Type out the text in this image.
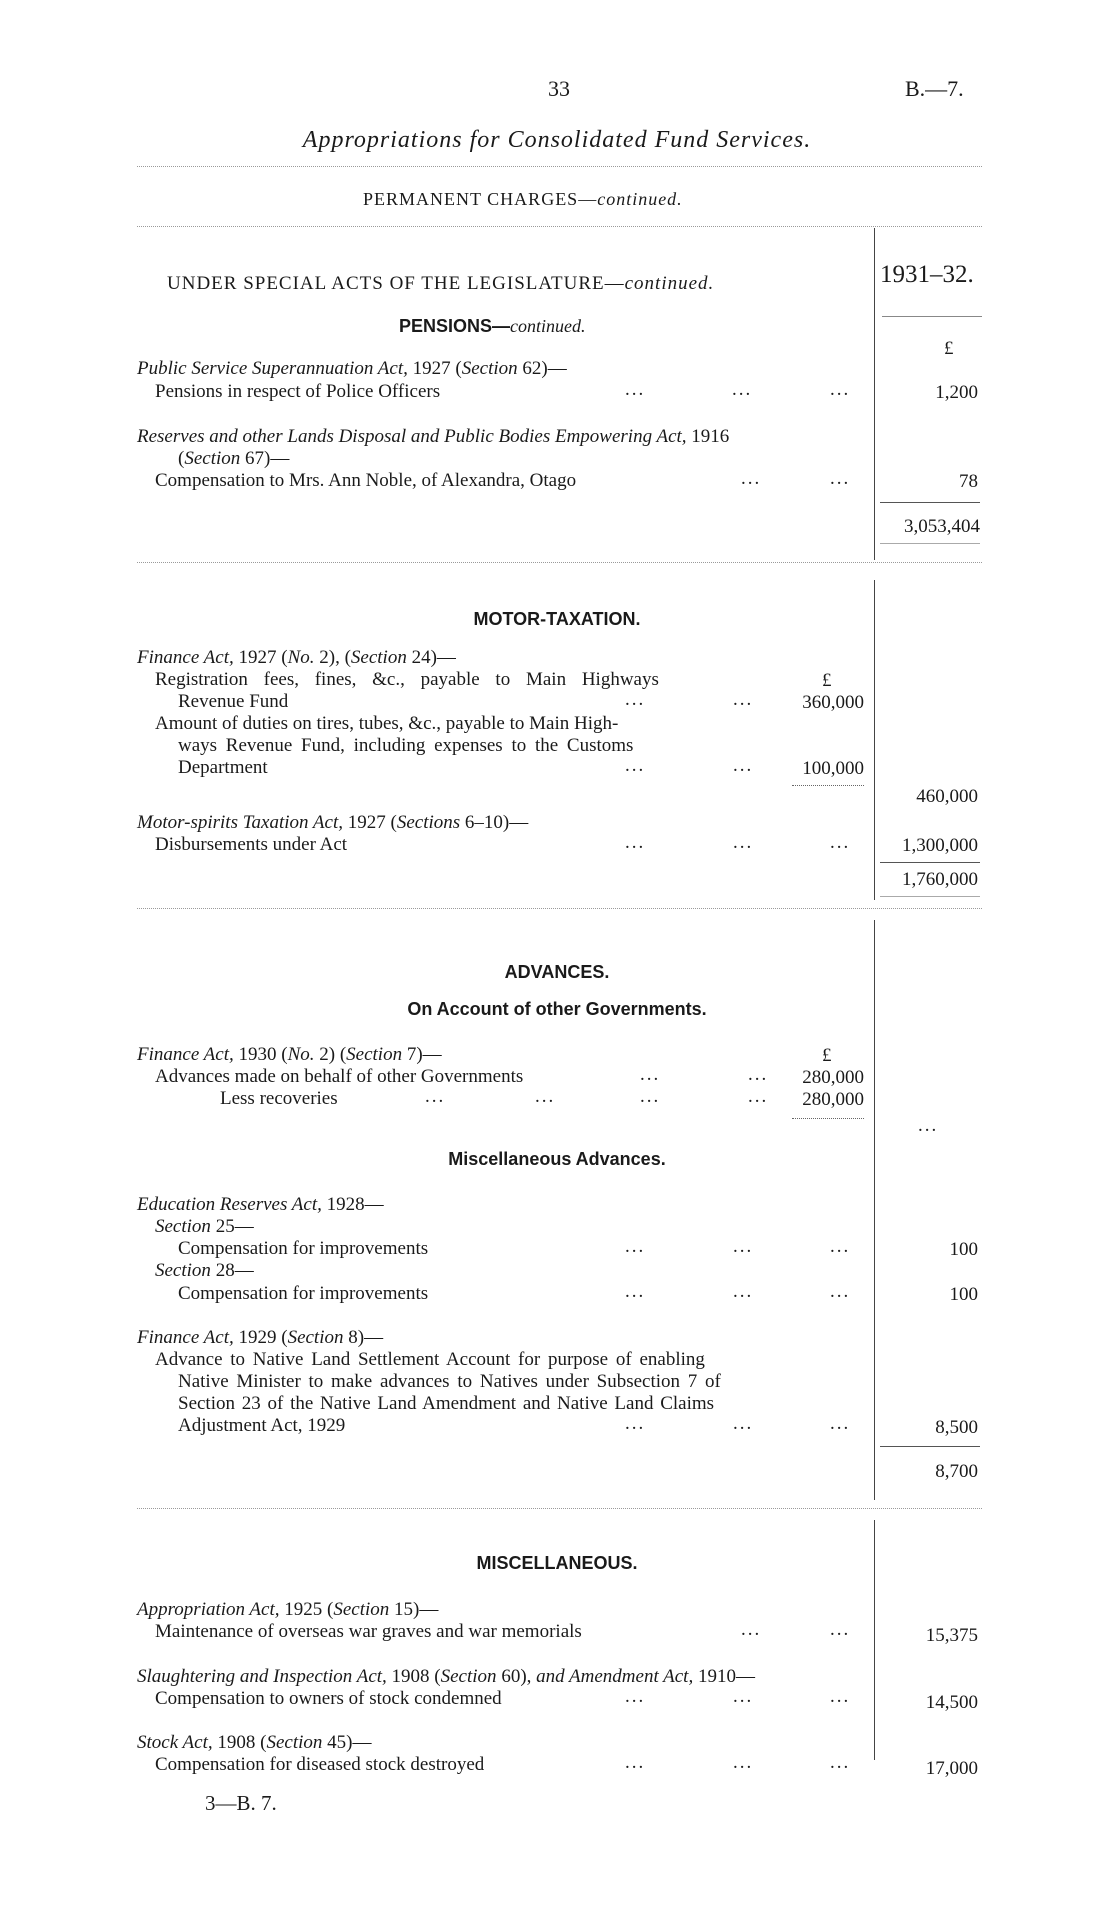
33	B.—7.
Appropriations for Consolidated Fund Services.
PERMANENT CHARGES—continued.
1931–32.
£
UNDER SPECIAL ACTS OF THE LEGISLATURE—continued.
PENSIONS—continued.
Public Service Superannuation Act, 1927 (Section 62)—
Pensions in respect of Police Officers	...	...	...	1,200
Reserves and other Lands Disposal and Public Bodies Empowering Act, 1916
(Section 67)—
Compensation to Mrs. Ann Noble, of Alexandra, Otago	...	...	78
3,053,404
MOTOR-TAXATION.
Finance Act, 1927 (No. 2), (Section 24)—
Registration fees, fines, &c., payable to Main Highways	£
Revenue Fund	...	...	360,000
Amount of duties on tires, tubes, &c., payable to Main High-
ways Revenue Fund, including expenses to the Customs
Department	...	...	100,000
460,000
Motor-spirits Taxation Act, 1927 (Sections 6–10)—
Disbursements under Act	...	...	...	1,300,000
1,760,000
ADVANCES.
On Account of other Governments.
Finance Act, 1930 (No. 2) (Section 7)—	£
Advances made on behalf of other Governments	...	...	280,000
Less recoveries	...	...	...	...	280,000
...
Miscellaneous Advances.
Education Reserves Act, 1928—
Section 25—
Compensation for improvements	...	...	...	100
Section 28—
Compensation for improvements	...	...	...	100
Finance Act, 1929 (Section 8)—
Advance to Native Land Settlement Account for purpose of enabling
Native Minister to make advances to Natives under Subsection 7 of
Section 23 of the Native Land Amendment and Native Land Claims
Adjustment Act, 1929	...	...	...	8,500
8,700
MISCELLANEOUS.
Appropriation Act, 1925 (Section 15)—
Maintenance of overseas war graves and war memorials	...	...	15,375
Slaughtering and Inspection Act, 1908 (Section 60), and Amendment Act, 1910—
Compensation to owners of stock condemned	...	...	...	14,500
Stock Act, 1908 (Section 45)—
Compensation for diseased stock destroyed	...	...	...	17,000
3—B. 7.
